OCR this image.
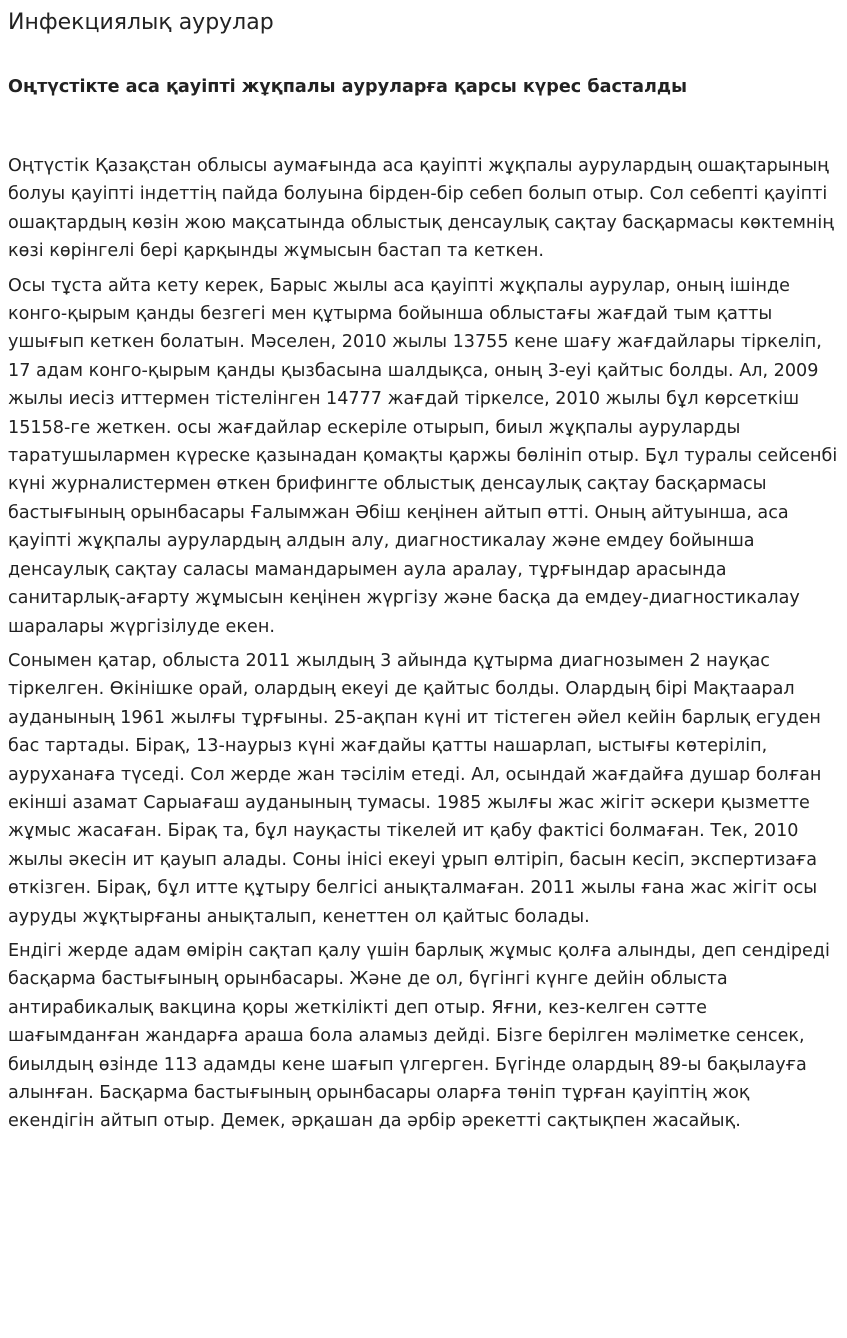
Инфекциялық аурулар
Оңтүстікте аса қауіпті жұқпалы ауруларға қарсы күрес басталды

Оңтүстік Қазақстан облысы аумағында аса қауіпті жұқпалы аурулардың ошақтарының болуы қауіпті індеттің пайда болуына бірден-бір себеп болып отыр. Сол себепті қауіпті ошақтардың көзін жою мақсатында облыстық денсаулық сақтау басқармасы көктемнің көзі көрінгелі бері қарқынды жұмысын бастап та кеткен.

Осы тұста айта кету керек, Барыс жылы аса қауіпті жұқпалы аурулар, оның ішінде конго-қырым қанды безгегі мен құтырма бойынша облыстағы жағдай тым қатты ушығып кеткен болатын. Мәселен, 2010 жылы 13755 кене шағу жағдайлары тіркеліп, 17 адам конго-қырым қанды қызбасына шалдықса, оның 3-еуі қайтыс болды. Ал, 2009 жылы иесіз иттермен тістелінген 14777 жағдай тіркелсе, 2010 жылы бұл көрсеткіш 15158-ге жеткен. осы жағдайлар ескеріле отырып, биыл жұқпалы ауруларды таратушылармен күреске қазынадан қомақты қаржы бөлініп отыр. Бұл туралы сейсенбі күні журналистермен өткен брифингте облыстық денсаулық сақтау басқармасы бастығының орынбасары Ғалымжан Әбіш кеңінен айтып өтті. Оның айтуынша, аса қауіпті жұқпалы аурулардың алдын алу, диагностикалау және емдеу бойынша денсаулық сақтау саласы мамандарымен аула аралау, тұрғындар арасында санитарлық-ағарту жұмысын кеңінен жүргізу және басқа да емдеу-диагностикалау шаралары жүргізілуде екен.

Сонымен қатар, облыста 2011 жылдың 3 айында құтырма диагнозымен 2 науқас тіркелген. Өкінішке орай, олардың екеуі де қайтыс болды. Олардың бірі Мақтаарал ауданының 1961 жылғы тұрғыны. 25-ақпан күні ит тістеген әйел кейін барлық егуден бас тартады. Бірақ, 13-наурыз күні жағдайы қатты нашарлап, ыстығы көтеріліп, ауруханаға түседі. Сол жерде жан тәсілім етеді. Ал, осындай жағдайға душар болған екінші азамат Сарыағаш ауданының тумасы. 1985 жылғы жас жігіт әскери қызметте жұмыс жасаған. Бірақ та, бұл науқасты тікелей ит қабу фактісі болмаған. Тек, 2010 жылы әкесін ит қауып алады. Соны інісі екеуі ұрып өлтіріп, басын кесіп, экспертизаға өткізген. Бірақ, бұл итте құтыру белгісі анықталмаған. 2011 жылы ғана жас жігіт осы ауруды жұқтырғаны анықталып, кенеттен ол қайтыс болады.

Ендігі жерде адам өмірін сақтап қалу үшін барлық жұмыс қолға алынды, деп сендіреді басқарма бастығының орынбасары. Және де ол, бүгінгі күнге дейін облыста антирабикалық вакцина қоры жеткілікті деп отыр. Яғни, кез-келген сәтте шағымданған жандарға араша бола аламыз дейді. Бізге берілген мәліметке сенсек, биылдың өзінде 113 адамды кене шағып үлгерген. Бүгінде олардың 89-ы бақылауға алынған. Басқарма бастығының орынбасары оларға төніп тұрған қауіптің жоқ екендігін айтып отыр. Демек, әрқашан да әрбір әрекетті сақтықпен жасайық.
